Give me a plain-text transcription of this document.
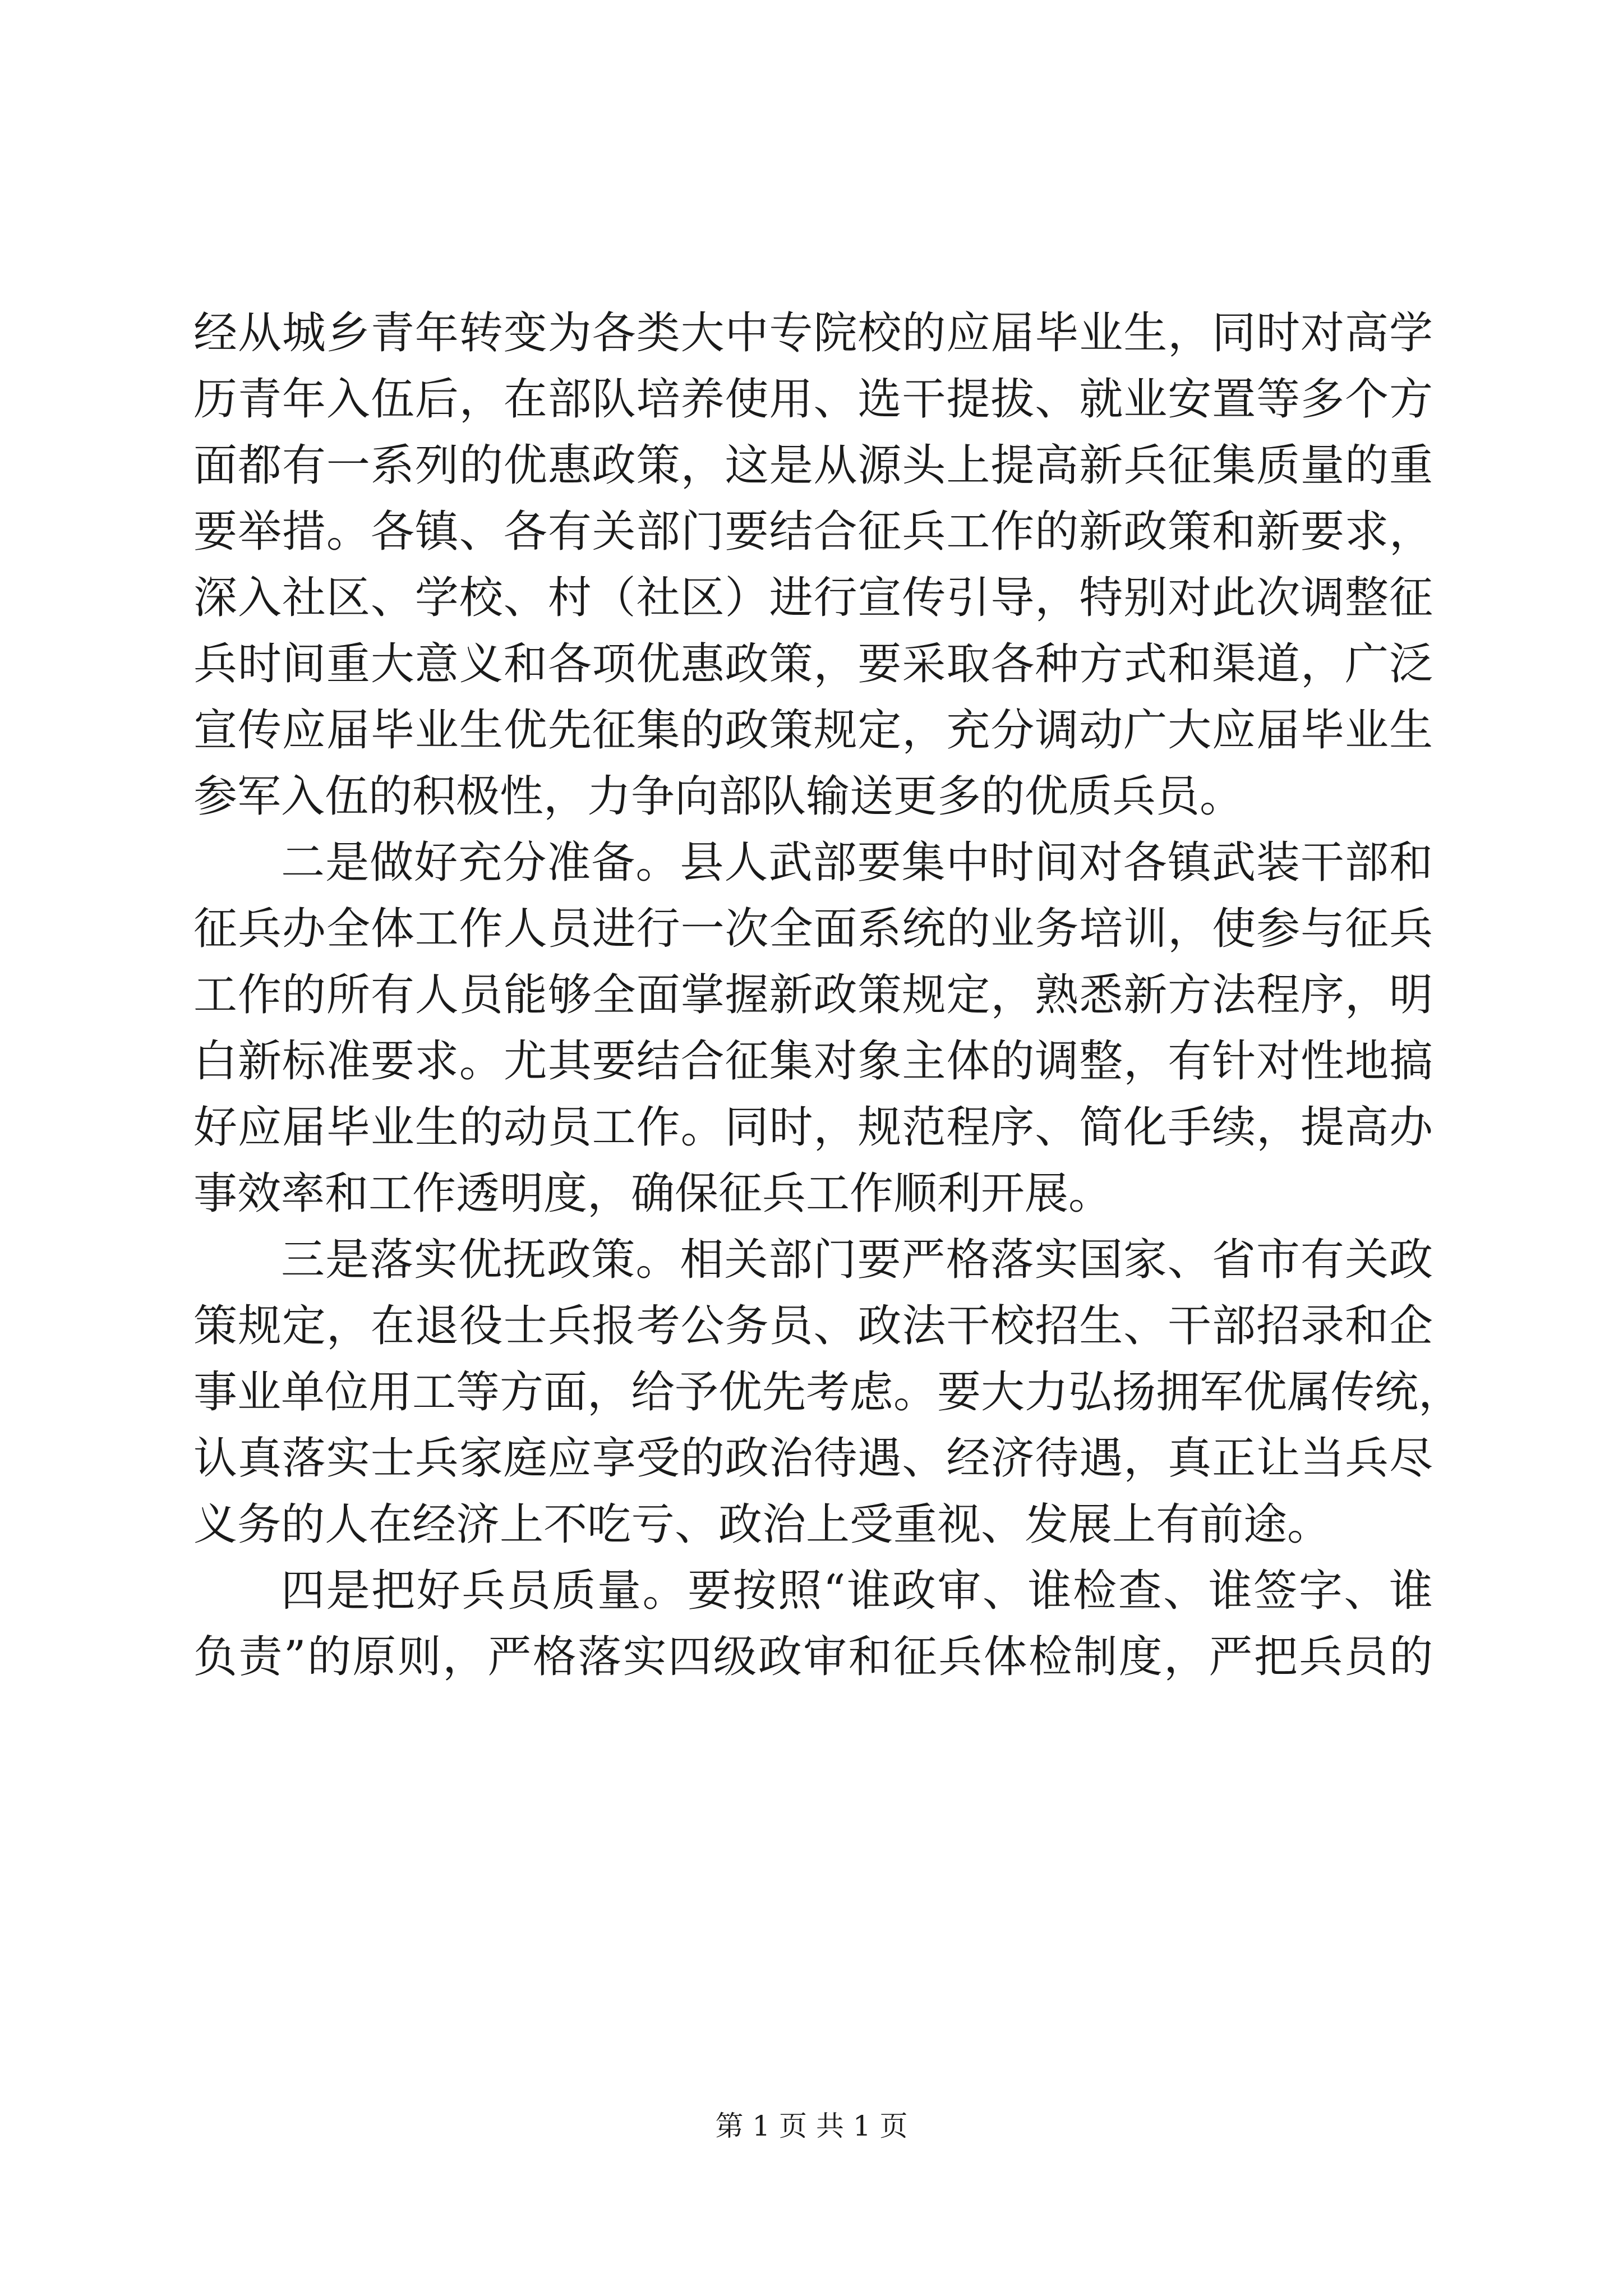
经从城乡青年转变为各类大中专院校的应届毕业生，同时对高学
历青年入伍后，在部队培养使用、选干提拔、就业安置等多个方
面都有一系列的优惠政策，这是从源头上提高新兵征集质量的重
要举措。各镇、各有关部门要结合征兵工作的新政策和新要求，
深入社区、学校、村（社区）进行宣传引导，特别对此次调整征
兵时间重大意义和各项优惠政策，要采取各种方式和渠道，广泛
宣传应届毕业生优先征集的政策规定，充分调动广大应届毕业生
参军入伍的积极性，力争向部队输送更多的优质兵员。
二是做好充分准备。县人武部要集中时间对各镇武装干部和
征兵办全体工作人员进行一次全面系统的业务培训，使参与征兵
工作的所有人员能够全面掌握新政策规定，熟悉新方法程序，明
白新标准要求。尤其要结合征集对象主体的调整，有针对性地搞
好应届毕业生的动员工作。同时，规范程序、简化手续，提高办
事效率和工作透明度，确保征兵工作顺利开展。
三是落实优抚政策。相关部门要严格落实国家、省市有关政
策规定，在退役士兵报考公务员、政法干校招生、干部招录和企
事业单位用工等方面，给予优先考虑。要大力弘扬拥军优属传统，
认真落实士兵家庭应享受的政治待遇、经济待遇，真正让当兵尽
义务的人在经济上不吃亏、政治上受重视、发展上有前途。
四是把好兵员质量。要按照“谁政审、谁检查、谁签字、谁
负责”的原则，严格落实四级政审和征兵体检制度，严把兵员的
第 1 页 共 1 页
